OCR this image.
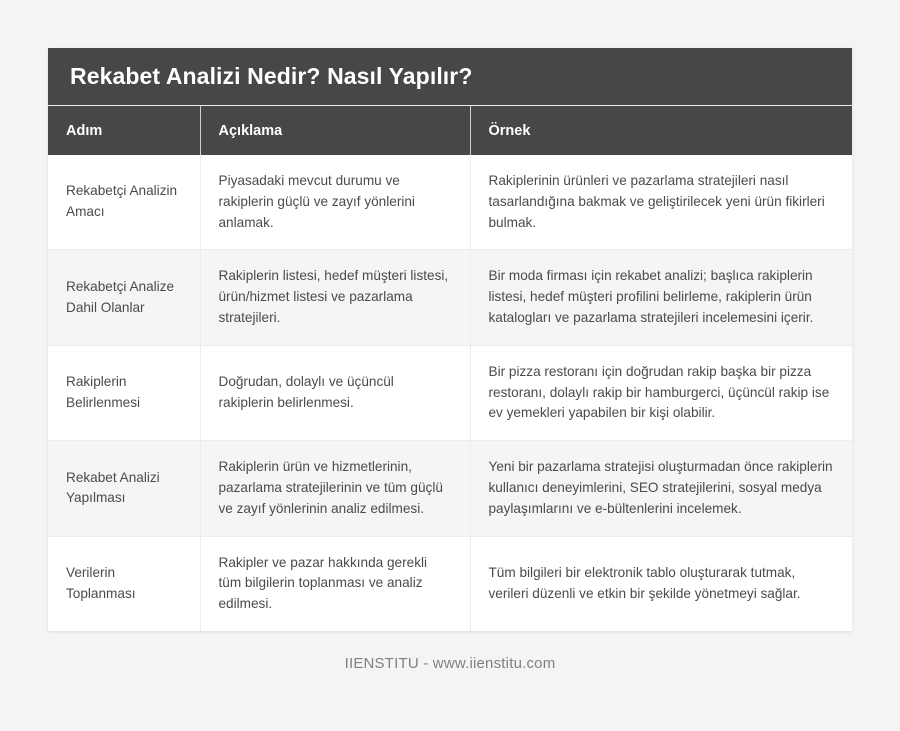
Rekabet Analizi Nedir? Nasıl Yapılır?
Adım	Açıklama	Örnek
Rekabetçi Analizin Amacı	Piyasadaki mevcut durumu ve rakiplerin güçlü ve zayıf yönlerini anlamak.	Rakiplerinin ürünleri ve pazarlama stratejileri nasıl tasarlandığına bakmak ve geliştirilecek yeni ürün fikirleri bulmak.
Rekabetçi Analize Dahil Olanlar	Rakiplerin listesi, hedef müşteri listesi, ürün/hizmet listesi ve pazarlama stratejileri.	Bir moda firması için rekabet analizi; başlıca rakiplerin listesi, hedef müşteri profilini belirleme, rakiplerin ürün katalogları ve pazarlama stratejileri incelemesini içerir.
Rakiplerin Belirlenmesi	Doğrudan, dolaylı ve üçüncül rakiplerin belirlenmesi.	Bir pizza restoranı için doğrudan rakip başka bir pizza restoranı, dolaylı rakip bir hamburgerci, üçüncül rakip ise ev yemekleri yapabilen bir kişi olabilir.
Rekabet Analizi Yapılması	Rakiplerin ürün ve hizmetlerinin, pazarlama stratejilerinin ve tüm güçlü ve zayıf yönlerinin analiz edilmesi.	Yeni bir pazarlama stratejisi oluşturmadan önce rakiplerin kullanıcı deneyimlerini, SEO stratejilerini, sosyal medya paylaşımlarını ve e-bültenlerini incelemek.
Verilerin Toplanması	Rakipler ve pazar hakkında gerekli tüm bilgilerin toplanması ve analiz edilmesi.	Tüm bilgileri bir elektronik tablo oluşturarak tutmak, verileri düzenli ve etkin bir şekilde yönetmeyi sağlar.
IIENSTITU - www.iienstitu.com
